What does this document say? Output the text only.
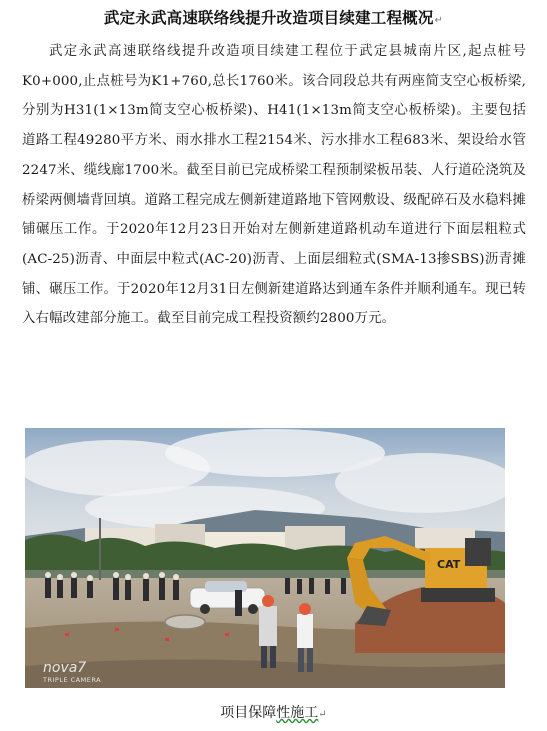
武定永武高速联络线提升改造项目续建工程概况↵

武定永武高速联络线提升改造项目续建工程位于武定县城南片区,起点桩号K0+000,止点桩号为K1+760,总长1760米。该合同段总共有两座简支空心板桥梁,分别为H31(1×13m简支空心板桥梁)、H41(1×13m简支空心板桥梁)。主要包括道路工程49280平方米、雨水排水工程2154米、污水排水工程683米、架设给水管2247米、缆线廊1700米。截至目前已完成桥梁工程预制梁板吊装、人行道砼浇筑及桥梁两侧墙背回填。道路工程完成左侧新建道路地下管网敷设、级配碎石及水稳料摊铺碾压工作。于2020年12月23日开始对左侧新建道路机动车道进行下面层粗粒式(AC-25)沥青、中面层中粒式(AC-20)沥青、上面层细粒式(SMA-13掺SBS)沥青摊铺、碾压工作。于2020年12月31日左侧新建道路达到通车条件并顺利通车。现已转入右幅改建部分施工。截至目前完成工程投资额约2800万元。

CAT
nova7
TRIPLE CAMERA
项目保障性施工↵
